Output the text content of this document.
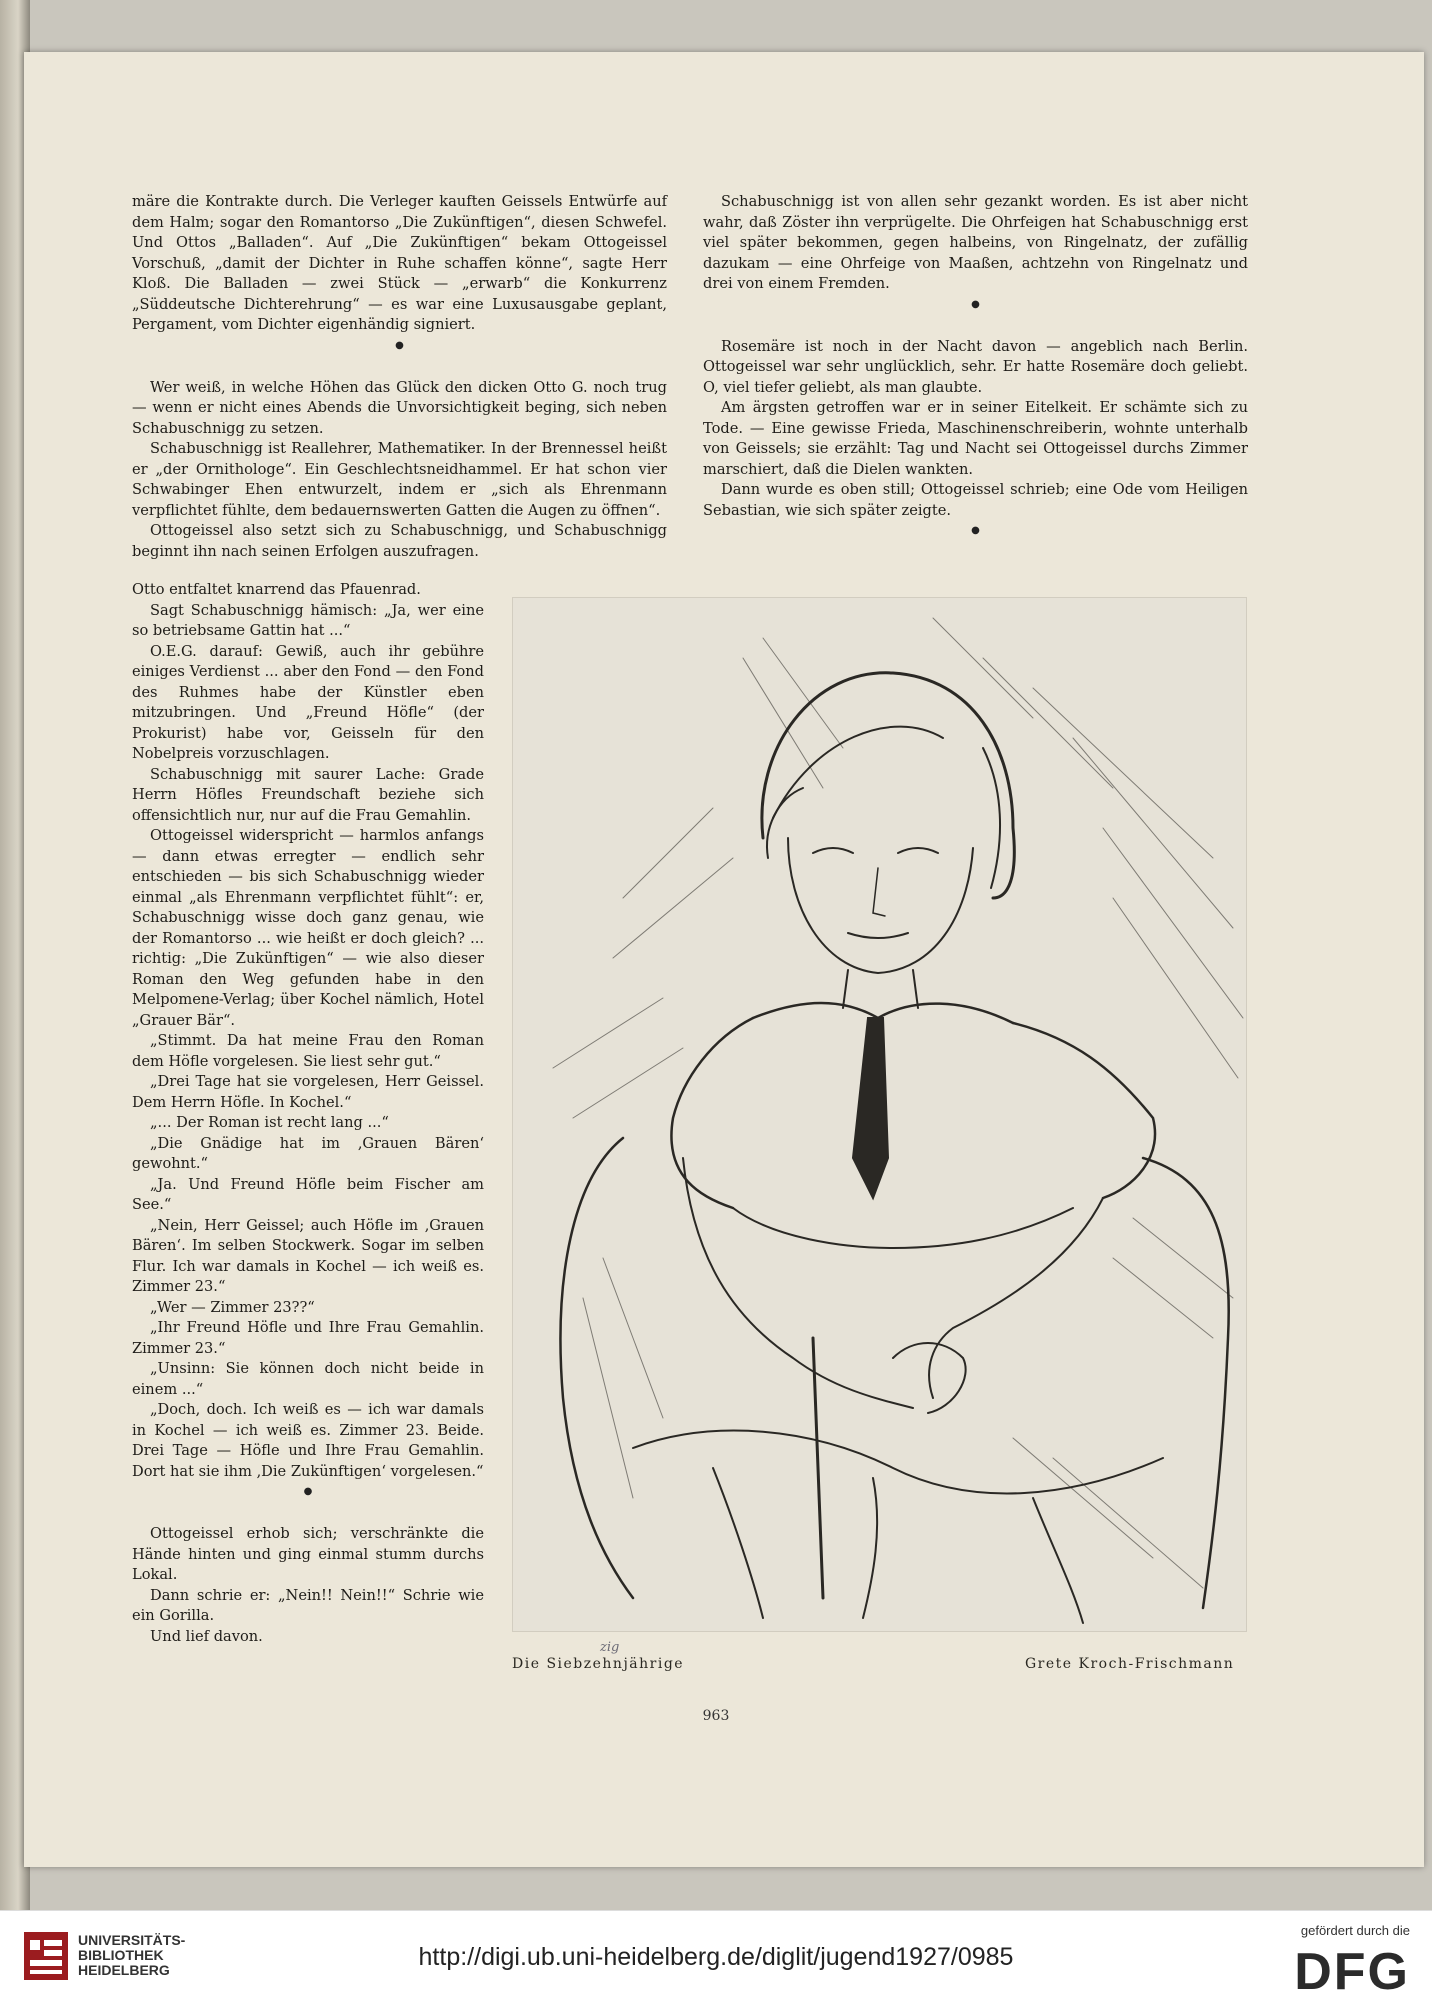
märe die Kontrakte durch. Die Verleger kauften Geissels Entwürfe auf dem Halm; sogar den Romantorso „Die Zukünftigen“, diesen Schwefel. Und Ottos „Balladen“. Auf „Die Zukünftigen“ bekam Ottogeissel Vorschuß, „damit der Dichter in Ruhe schaffen könne“, sagte Herr Kloß. Die Balladen — zwei Stück — „erwarb“ die Konkurrenz „Süddeutsche Dichterehrung“ — es war eine Luxusausgabe geplant, Pergament, vom Dichter eigenhändig signiert.

●

Wer weiß, in welche Höhen das Glück den dicken Otto G. noch trug — wenn er nicht eines Abends die Unvorsichtigkeit beging, sich neben Schabuschnigg zu setzen.

Schabuschnigg ist Reallehrer, Mathematiker. In der Brennessel heißt er „der Ornithologe“. Ein Geschlechtsneidhammel. Er hat schon vier Schwabinger Ehen entwurzelt, indem er „sich als Ehrenmann verpflichtet fühlte, dem bedauernswerten Gatten die Augen zu öffnen“.

Ottogeissel also setzt sich zu Schabuschnigg, und Schabuschnigg beginnt ihn nach seinen Erfolgen auszufragen.

Otto entfaltet knarrend das Pfauenrad.

Sagt Schabuschnigg hämisch: „Ja, wer eine so betriebsame Gattin hat ...“

O.E.G. darauf: Gewiß, auch ihr gebühre einiges Verdienst ... aber den Fond — den Fond des Ruhmes habe der Künstler eben mitzubringen. Und „Freund Höfle“ (der Prokurist) habe vor, Geisseln für den Nobelpreis vorzuschlagen.

Schabuschnigg mit saurer Lache: Grade Herrn Höfles Freundschaft beziehe sich offensichtlich nur, nur auf die Frau Gemahlin.

Ottogeissel widerspricht — harmlos anfangs — dann etwas erregter — endlich sehr entschieden — bis sich Schabuschnigg wieder einmal „als Ehrenmann verpflichtet fühlt“: er, Schabuschnigg wisse doch ganz genau, wie der Romantorso ... wie heißt er doch gleich? ... richtig: „Die Zukünftigen“ — wie also dieser Roman den Weg gefunden habe in den Melpomene-Verlag; über Kochel nämlich, Hotel „Grauer Bär“.

„Stimmt. Da hat meine Frau den Roman dem Höfle vorgelesen. Sie liest sehr gut.“

„Drei Tage hat sie vorgelesen, Herr Geissel. Dem Herrn Höfle. In Kochel.“

„... Der Roman ist recht lang ...“

„Die Gnädige hat im ‚Grauen Bären‘ gewohnt.“

„Ja. Und Freund Höfle beim Fischer am See.“

„Nein, Herr Geissel; auch Höfle im ‚Grauen Bären‘. Im selben Stockwerk. Sogar im selben Flur. Ich war damals in Kochel — ich weiß es. Zimmer 23.“

„Wer — Zimmer 23??“

„Ihr Freund Höfle und Ihre Frau Gemahlin. Zimmer 23.“

„Unsinn: Sie können doch nicht beide in einem ...“

„Doch, doch. Ich weiß es — ich war damals in Kochel — ich weiß es. Zimmer 23. Beide. Drei Tage — Höfle und Ihre Frau Gemahlin. Dort hat sie ihm ‚Die Zukünftigen‘ vorgelesen.“

●

Ottogeissel erhob sich; verschränkte die Hände hinten und ging einmal stumm durchs Lokal.

Dann schrie er: „Nein!! Nein!!“ Schrie wie ein Gorilla.

Und lief davon.

Schabuschnigg ist von allen sehr gezankt worden. Es ist aber nicht wahr, daß Zöster ihn verprügelte. Die Ohrfeigen hat Schabuschnigg erst viel später bekommen, gegen halbeins, von Ringelnatz, der zufällig dazukam — eine Ohrfeige von Maaßen, achtzehn von Ringelnatz und drei von einem Fremden.

●

Rosemäre ist noch in der Nacht davon — angeblich nach Berlin. Ottogeissel war sehr unglücklich, sehr. Er hatte Rosemäre doch geliebt. O, viel tiefer geliebt, als man glaubte.

Am ärgsten getroffen war er in seiner Eitelkeit. Er schämte sich zu Tode. — Eine gewisse Frieda, Maschinenschreiberin, wohnte unterhalb von Geissels; sie erzählt: Tag und Nacht sei Ottogeissel durchs Zimmer marschiert, daß die Dielen wankten.

Dann wurde es oben still; Ottogeissel schrieb; eine Ode vom Heiligen Sebastian, wie sich später zeigte.

●

zig
Die Siebzehnjährige	Grete Kroch-Frischmann
963
UNIVERSITÄTS-
BIBLIOTHEK
HEIDELBERG	http://digi.ub.uni-heidelberg.de/diglit/jugend1927/0985
gefördert durch die
DFG
